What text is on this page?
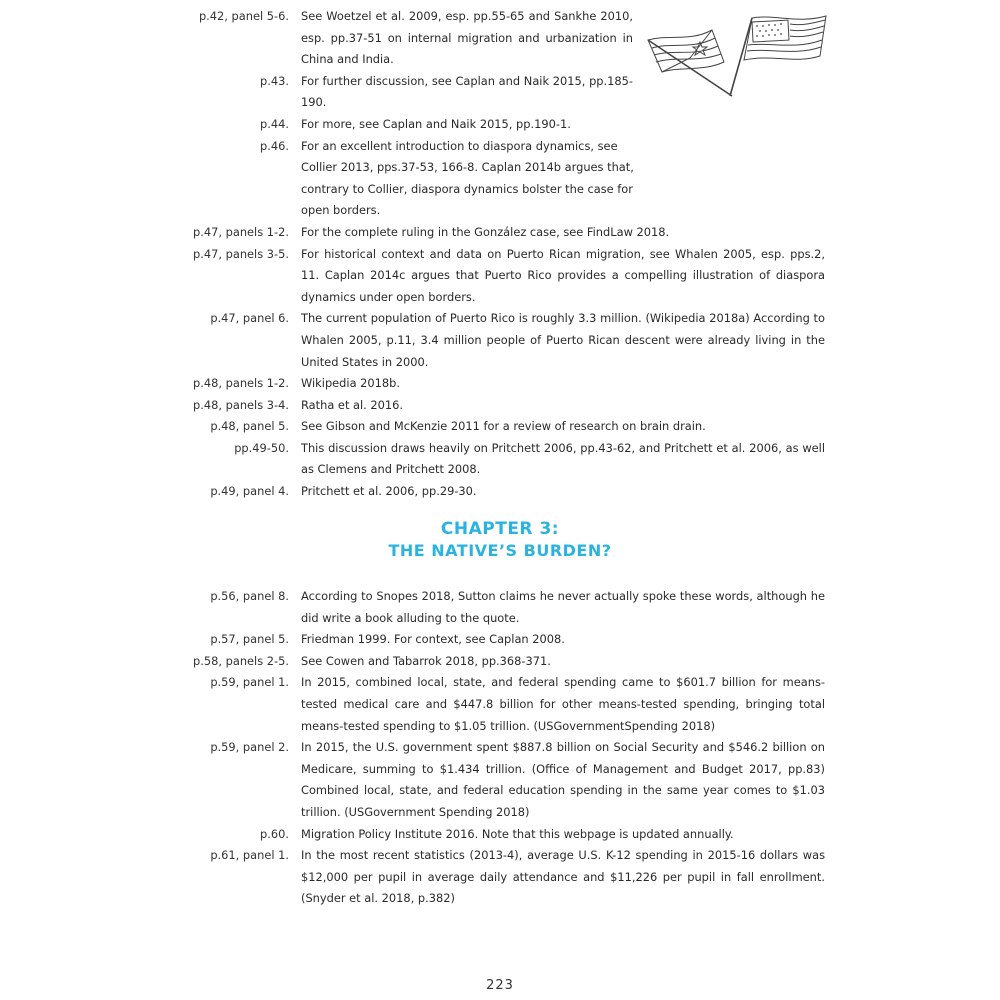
p.42, panel 5-6. See Woetzel et al. 2009, esp. pp.55-65 and Sankhe 2010, esp. pp.37-51 on internal migration and urbanization in China and India.
p.43. For further discussion, see Caplan and Naik 2015, pp.185-190.
p.44. For more, see Caplan and Naik 2015, pp.190-1.
p.46. For an excellent introduction to diaspora dynamics, see Collier 2013, pps.37-53, 166-8. Caplan 2014b argues that, contrary to Collier, diaspora dynamics bolster the case for open borders.
p.47, panels 1-2. For the complete ruling in the González case, see FindLaw 2018.
p.47, panels 3-5. For historical context and data on Puerto Rican migration, see Whalen 2005, esp. pps.2, 11. Caplan 2014c argues that Puerto Rico provides a compelling illustration of diaspora dynamics under open borders.
p.47, panel 6. The current population of Puerto Rico is roughly 3.3 million. (Wikipedia 2018a) According to Whalen 2005, p.11, 3.4 million people of Puerto Rican descent were already living in the United States in 2000.
p.48, panels 1-2. Wikipedia 2018b.
p.48, panels 3-4. Ratha et al. 2016.
p.48, panel 5. See Gibson and McKenzie 2011 for a review of research on brain drain.
pp.49-50. This discussion draws heavily on Pritchett 2006, pp.43-62, and Pritchett et al. 2006, as well as Clemens and Pritchett 2008.
p.49, panel 4. Pritchett et al. 2006, pp.29-30.
CHAPTER 3:
THE NATIVE’S BURDEN?
p.56, panel 8. According to Snopes 2018, Sutton claims he never actually spoke these words, although he did write a book alluding to the quote.
p.57, panel 5. Friedman 1999. For context, see Caplan 2008.
p.58, panels 2-5. See Cowen and Tabarrok 2018, pp.368-371.
p.59, panel 1. In 2015, combined local, state, and federal spending came to $601.7 billion for means-tested medical care and $447.8 billion for other means-tested spending, bringing total means-tested spending to $1.05 trillion. (USGovernmentSpending 2018)
p.59, panel 2. In 2015, the U.S. government spent $887.8 billion on Social Security and $546.2 billion on Medicare, summing to $1.434 trillion. (Office of Management and Budget 2017, pp.83) Combined local, state, and federal education spending in the same year comes to $1.03 trillion. (USGovernment Spending 2018)
p.60. Migration Policy Institute 2016. Note that this webpage is updated annually.
p.61, panel 1. In the most recent statistics (2013-4), average U.S. K-12 spending in 2015-16 dollars was $12,000 per pupil in average daily attendance and $11,226 per pupil in fall enrollment. (Snyder et al. 2018, p.382)
223
